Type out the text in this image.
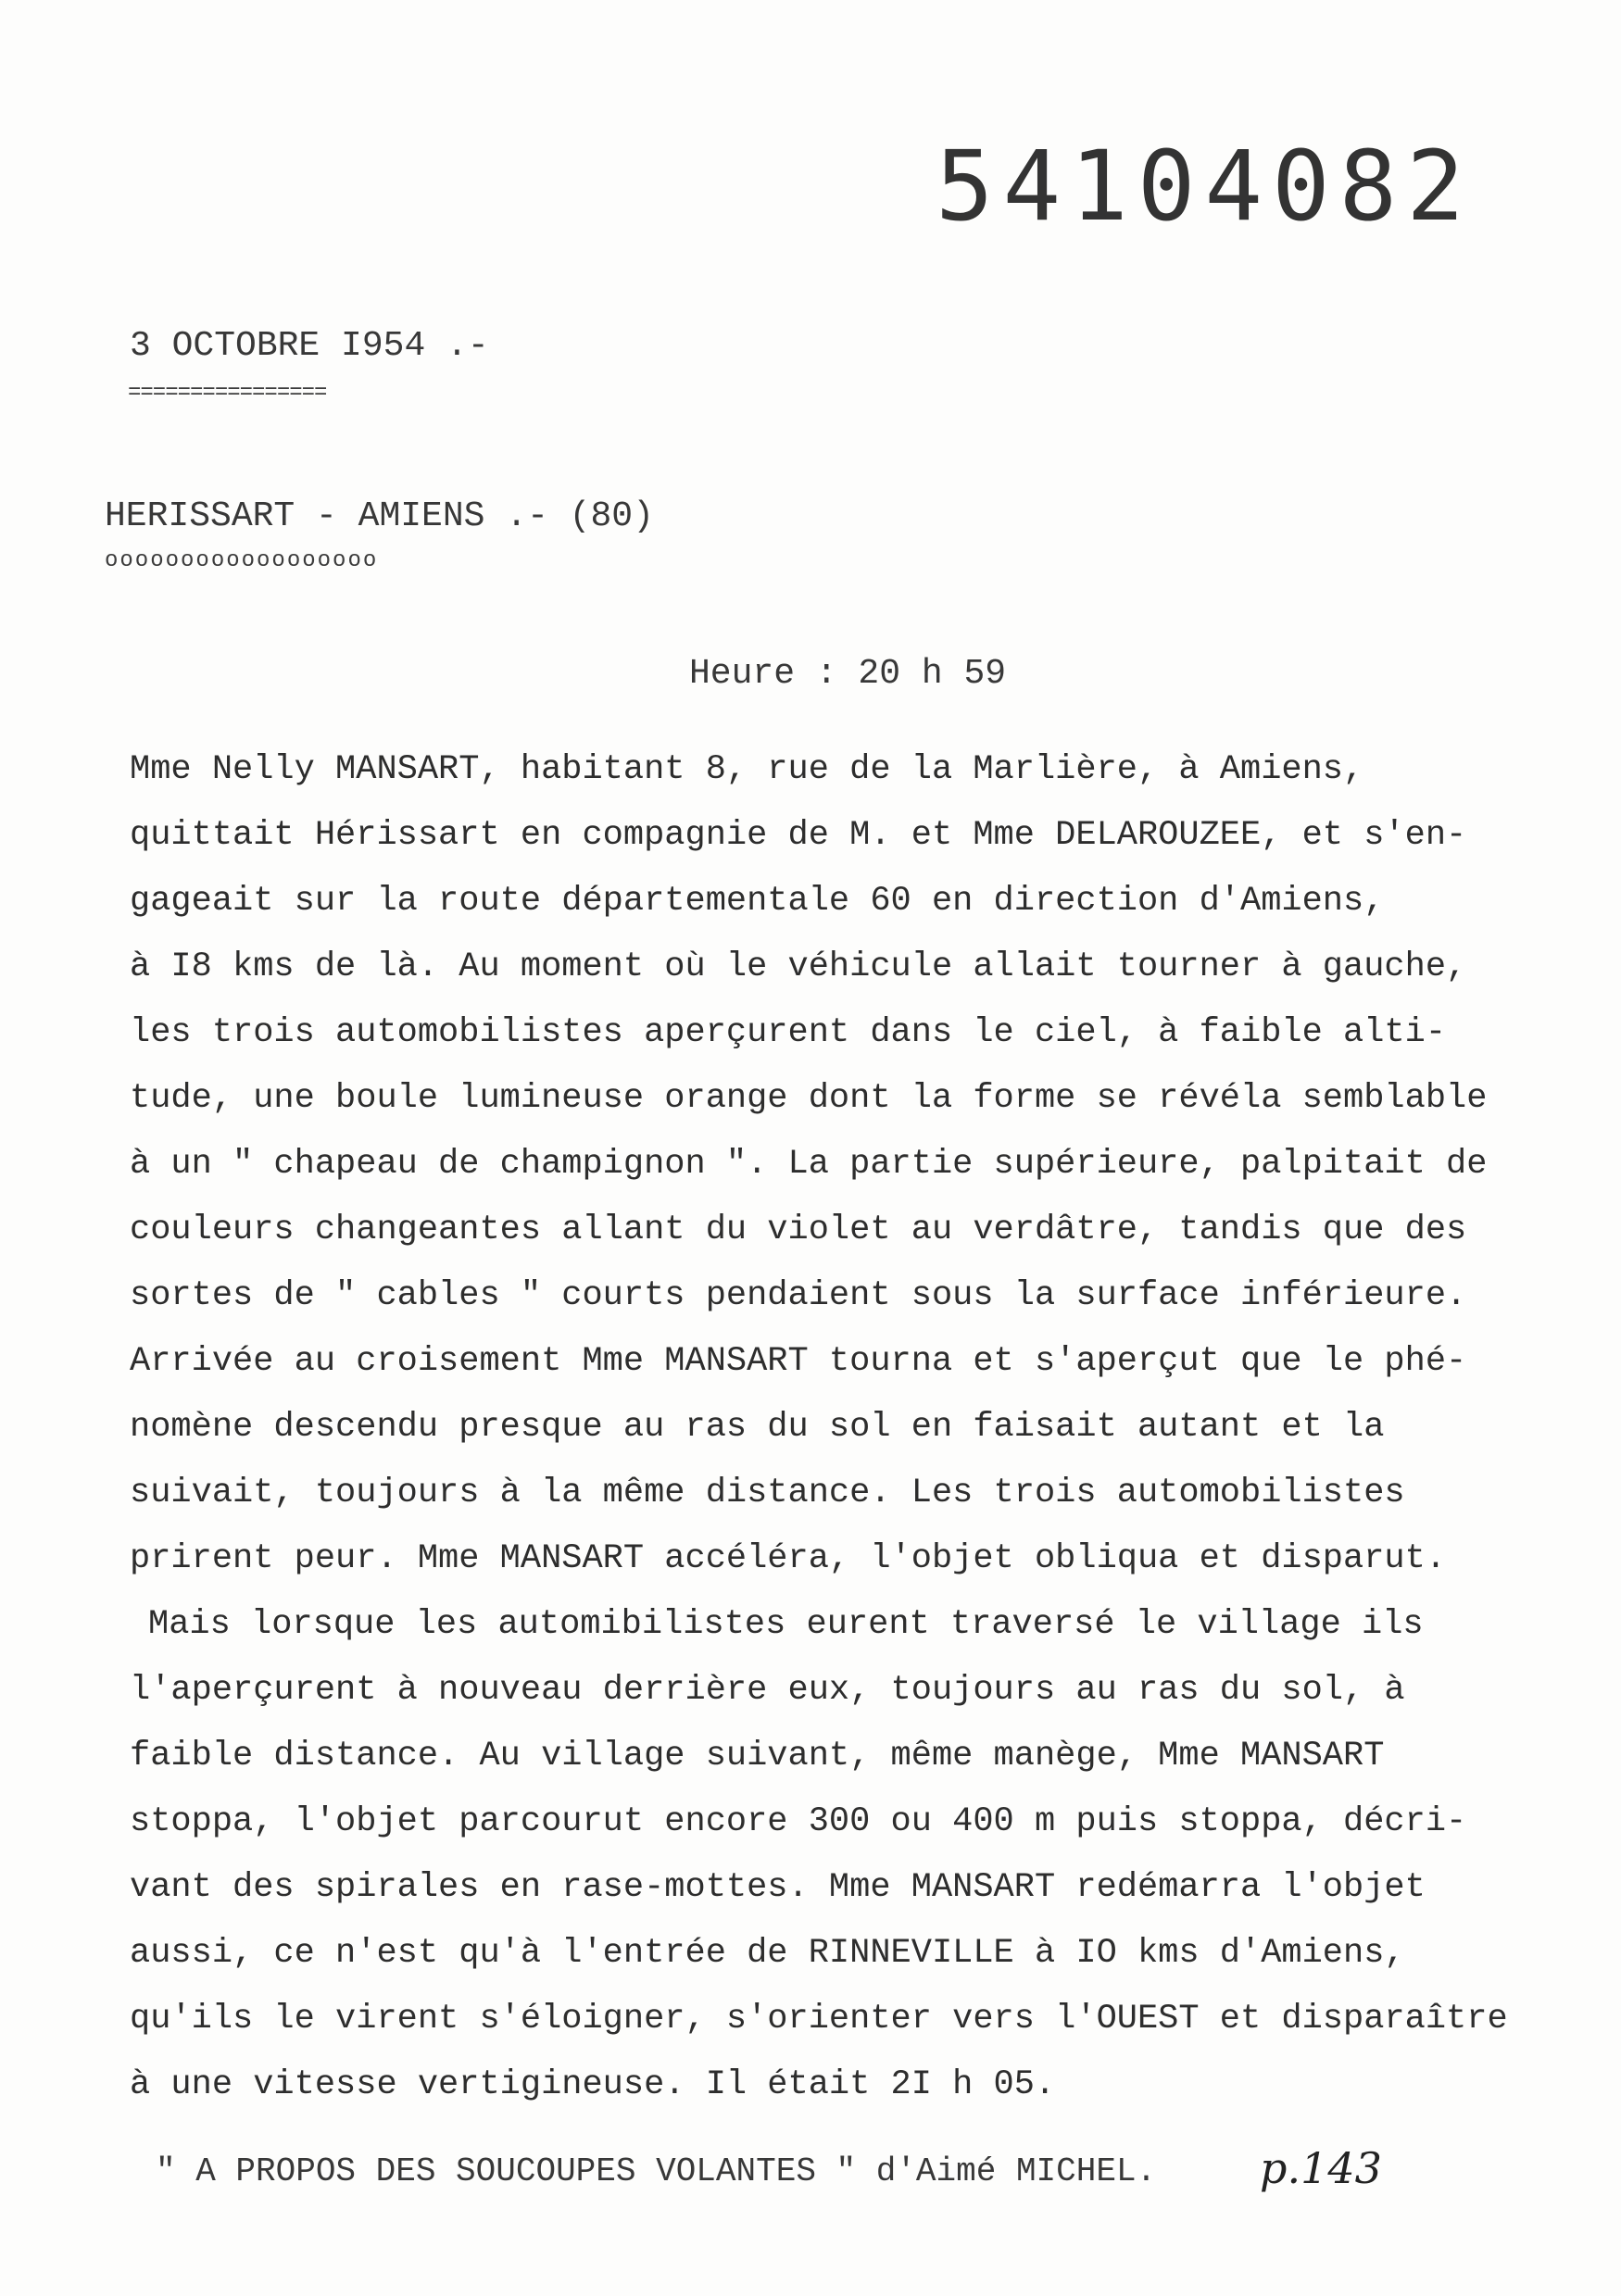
54104082
3 OCTOBRE I954 .-
================
HERISSART - AMIENS .- (80)
oooooooooooooooooo
Heure : 20 h 59
Mme Nelly MANSART, habitant 8, rue de la Marlière, à Amiens,
quittait Hérissart en compagnie de M. et Mme DELAROUZEE, et s'en-
gageait sur la route départementale 60 en direction d'Amiens,
à I8 kms de là. Au moment où le véhicule allait tourner à gauche,
les trois automobilistes aperçurent dans le ciel, à faible alti-
tude, une boule lumineuse orange dont la forme se révéla semblable
à un " chapeau de champignon ". La partie supérieure, palpitait de
couleurs changeantes allant du violet au verdâtre, tandis que des
sortes de " cables " courts pendaient sous la surface inférieure.
Arrivée au croisement Mme MANSART tourna et s'aperçut que le phé-
nomène descendu presque au ras du sol en faisait autant et la
suivait, toujours à la même distance. Les trois automobilistes
prirent peur. Mme MANSART accéléra, l'objet obliqua et disparut.
Mais lorsque les automibilistes eurent traversé le village ils
l'aperçurent à nouveau derrière eux, toujours au ras du sol, à
faible distance. Au village suivant, même manège, Mme MANSART
stoppa, l'objet parcourut encore 300 ou 400 m puis stoppa, décri-
vant des spirales en rase-mottes. Mme MANSART redémarra l'objet
aussi, ce n'est qu'à l'entrée de RINNEVILLE à IO kms d'Amiens,
qu'ils le virent s'éloigner, s'orienter vers l'OUEST et disparaître
à une vitesse vertigineuse. Il était 2I h 05.
" A PROPOS DES SOUCOUPES VOLANTES " d'Aimé MICHEL. p.143
